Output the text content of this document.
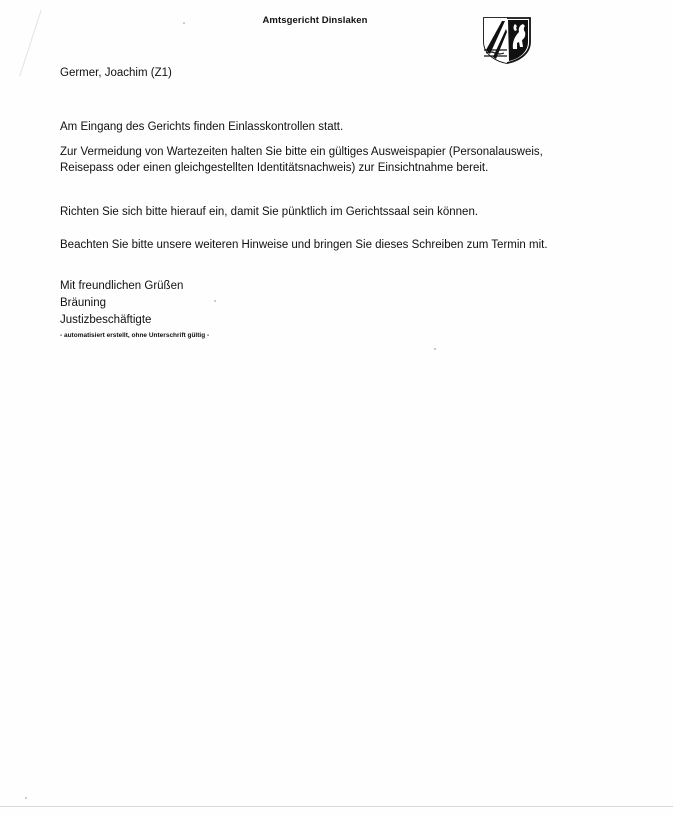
Amtsgericht Dinslaken
Germer, Joachim (Z1)
Am Eingang des Gerichts finden Einlasskontrollen statt.
Zur Vermeidung von Wartezeiten halten Sie bitte ein gültiges Ausweispapier (Personalausweis, Reisepass oder einen gleichgestellten Identitätsnachweis) zur Einsichtnahme bereit.
Richten Sie sich bitte hierauf ein, damit Sie pünktlich im Gerichtssaal sein können.
Beachten Sie bitte unsere weiteren Hinweise und bringen Sie dieses Schreiben zum Termin mit.
Mit freundlichen Grüßen
Bräuning
Justizbeschäftigte
- automatisiert erstellt, ohne Unterschrift gültig -
